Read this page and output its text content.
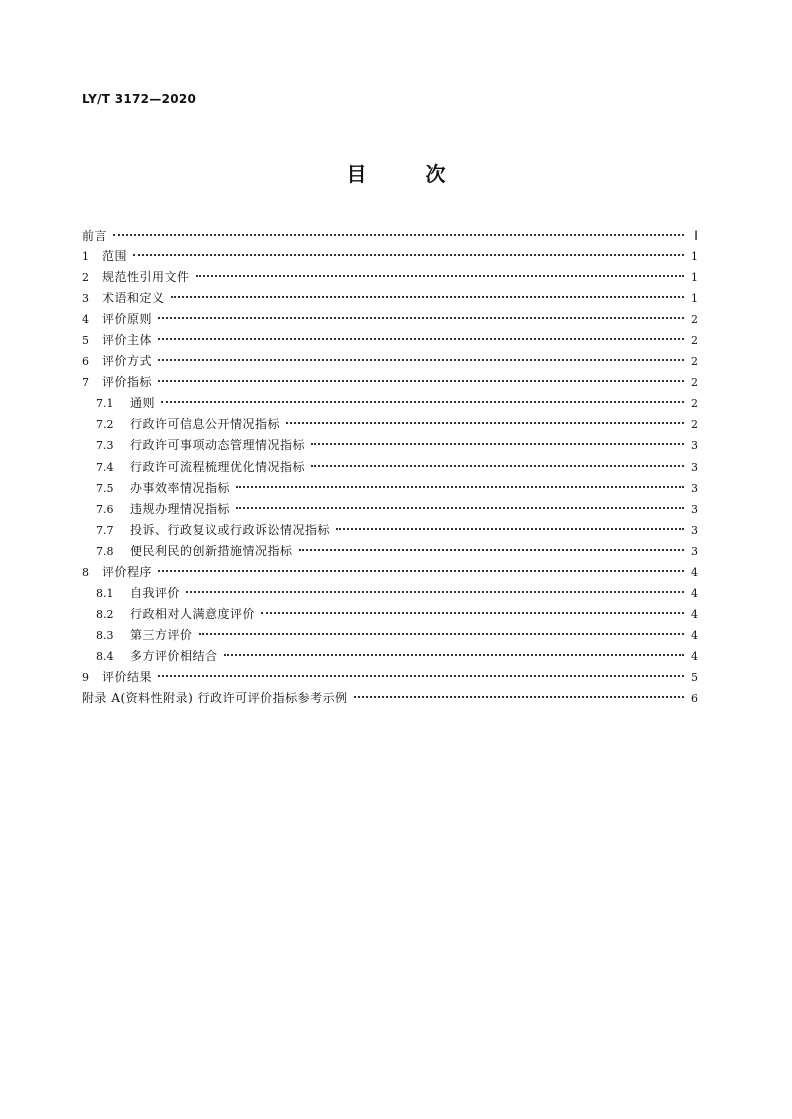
LY/T 3172—2020
目 次
前言	Ⅰ
1	范围	1
2	规范性引用文件	1
3	术语和定义	1
4	评价原则	2
5	评价主体	2
6	评价方式	2
7	评价指标	2
7.1	通则	2
7.2	行政许可信息公开情况指标	2
7.3	行政许可事项动态管理情况指标	3
7.4	行政许可流程梳理优化情况指标	3
7.5	办事效率情况指标	3
7.6	违规办理情况指标	3
7.7	投诉、行政复议或行政诉讼情况指标	3
7.8	便民利民的创新措施情况指标	3
8	评价程序	4
8.1	自我评价	4
8.2	行政相对人满意度评价	4
8.3	第三方评价	4
8.4	多方评价相结合	4
9	评价结果	5
附录 A(资料性附录) 行政许可评价指标参考示例	6
